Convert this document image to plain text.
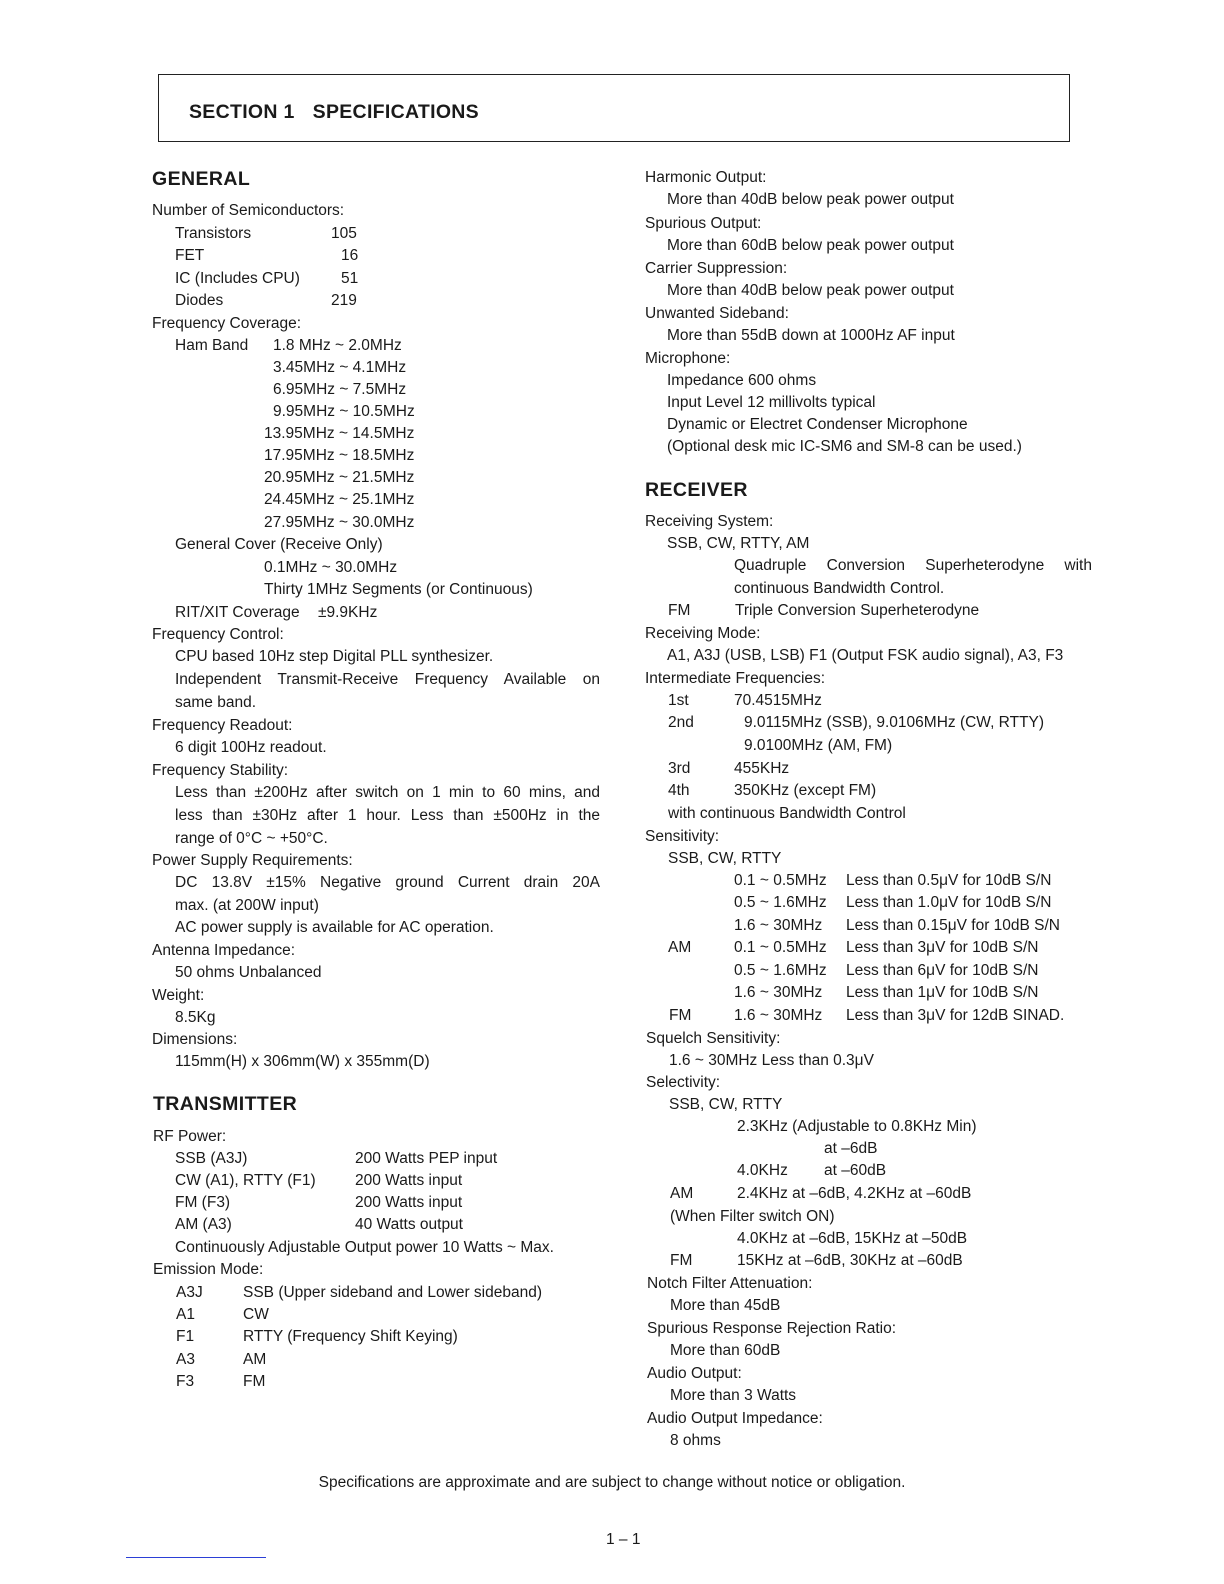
SECTION 1 SPECIFICATIONS
GENERAL
Number of Semiconductors:
Transistors	105
FET	16
IC (Includes CPU)	51
Diodes	219
Frequency Coverage:
Ham Band 1.8 MHz ~ 2.0MHz
3.45MHz ~ 4.1MHz
6.95MHz ~ 7.5MHz
9.95MHz ~ 10.5MHz
13.95MHz ~ 14.5MHz
17.95MHz ~ 18.5MHz
20.95MHz ~ 21.5MHz
24.45MHz ~ 25.1MHz
27.95MHz ~ 30.0MHz
General Cover (Receive Only)
0.1MHz ~ 30.0MHz
Thirty 1MHz Segments (or Continuous)
RIT/XIT Coverage ±9.9KHz
Frequency Control:
CPU based 10Hz step Digital PLL synthesizer.
Independent Transmit-Receive Frequency Available on
same band.
Frequency Readout:
6 digit 100Hz readout.
Frequency Stability:
Less than ±200Hz after switch on 1 min to 60 mins, and
less than ±30Hz after 1 hour. Less than ±500Hz in the
range of 0°C ~ +50°C.
Power Supply Requirements:
DC 13.8V ±15% Negative ground Current drain 20A
max. (at 200W input)
AC power supply is available for AC operation.
Antenna Impedance:
50 ohms Unbalanced
Weight:
8.5Kg
Dimensions:
115mm(H) x 306mm(W) x 355mm(D)
TRANSMITTER
RF Power:
SSB (A3J)	200 Watts PEP input
CW (A1), RTTY (F1)	200 Watts input
FM (F3)	200 Watts input
AM (A3)	40 Watts output
Continuously Adjustable Output power 10 Watts ~ Max.
Emission Mode:
A3J	SSB (Upper sideband and Lower sideband)
A1	CW
F1	RTTY (Frequency Shift Keying)
A3	AM
F3	FM
Harmonic Output:
More than 40dB below peak power output
Spurious Output:
More than 60dB below peak power output
Carrier Suppression:
More than 40dB below peak power output
Unwanted Sideband:
More than 55dB down at 1000Hz AF input
Microphone:
Impedance 600 ohms
Input Level 12 millivolts typical
Dynamic or Electret Condenser Microphone
(Optional desk mic IC-SM6 and SM-8 can be used.)
RECEIVER
Receiving System:
SSB, CW, RTTY, AM
Quadruple Conversion Superheterodyne with
continuous Bandwidth Control.
FM	Triple Conversion Superheterodyne
Receiving Mode:
A1, A3J (USB, LSB) F1 (Output FSK audio signal), A3, F3
Intermediate Frequencies:
1st	70.4515MHz
2nd	9.0115MHz (SSB), 9.0106MHz (CW, RTTY)
9.0100MHz (AM, FM)
3rd	455KHz
4th	350KHz (except FM)
with continuous Bandwidth Control
Sensitivity:
SSB, CW, RTTY
0.1 ~ 0.5MHz Less than 0.5μV for 10dB S/N
0.5 ~ 1.6MHz Less than 1.0μV for 10dB S/N
1.6 ~ 30MHz Less than 0.15μV for 10dB S/N
AM	0.1 ~ 0.5MHz Less than 3μV for 10dB S/N
0.5 ~ 1.6MHz Less than 6μV for 10dB S/N
1.6 ~ 30MHz Less than 1μV for 10dB S/N
FM	1.6 ~ 30MHz Less than 3μV for 12dB SINAD.
Squelch Sensitivity:
1.6 ~ 30MHz Less than 0.3μV
Selectivity:
SSB, CW, RTTY
2.3KHz (Adjustable to 0.8KHz Min)
at –6dB
4.0KHz at –60dB
AM	2.4KHz at –6dB, 4.2KHz at –60dB
(When Filter switch ON)
4.0KHz at –6dB, 15KHz at –50dB
FM	15KHz at –6dB, 30KHz at –60dB
Notch Filter Attenuation:
More than 45dB
Spurious Response Rejection Ratio:
More than 60dB
Audio Output:
More than 3 Watts
Audio Output Impedance:
8 ohms
Specifications are approximate and are subject to change without notice or obligation.
1 – 1
